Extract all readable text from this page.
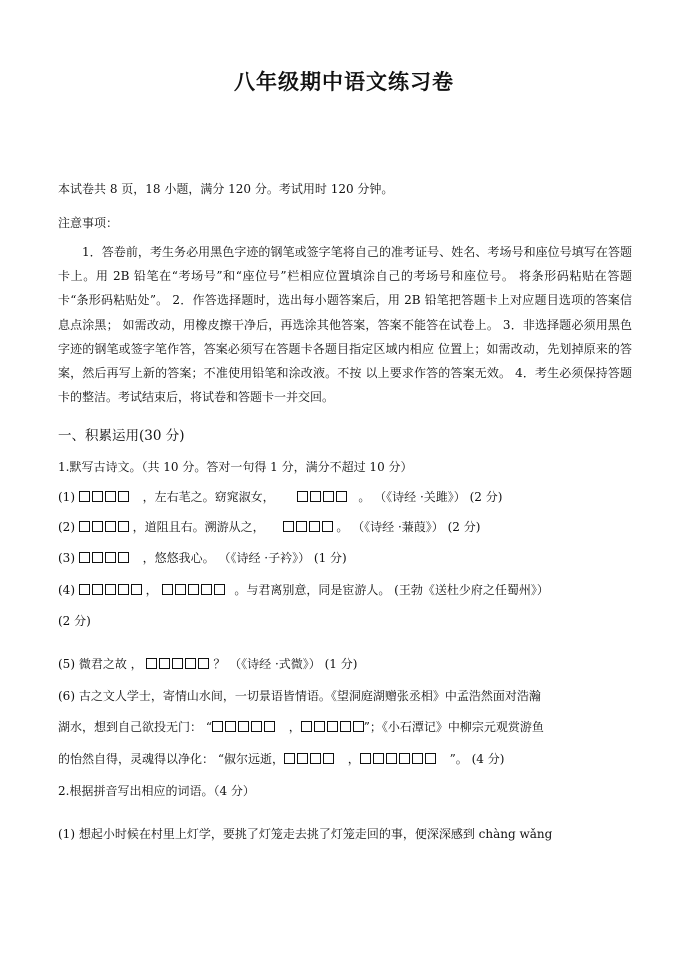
八年级期中语文练习卷
本试卷共 8 页，18 小题，满分 120 分。考试用时 120 分钟。
注意事项：
1．答卷前，考生务必用黑色字迹的钢笔或签字笔将自己的准考证号、姓名、考场号和座位号填写在答题卡上。用 2B 铅笔在“考场号”和“座位号”栏相应位置填涂自己的考场号和座位号。 将条形码粘贴在答题卡“条形码粘贴处”。 2．作答选择题时，选出每小题答案后，用 2B 铅笔把答题卡上对应题目选项的答案信息点涂黑； 如需改动，用橡皮擦干净后，再选涂其他答案，答案不能答在试卷上。 3．非选择题必须用黑色字迹的钢笔或签字笔作答，答案必须写在答题卡各题目指定区域内相应 位置上；如需改动，先划掉原来的答案，然后再写上新的答案；不准使用铅笔和涂改液。不按 以上要求作答的答案无效。 4．考生必须保持答题卡的整洁。考试结束后，将试卷和答题卡一并交回。
一、积累运用(30 分)
1.默写古诗文。（共 10 分。答对一句得 1 分，满分不超过 10 分）
(1)	，左右芼之。窈窕淑女，	。 （《诗经 ·关雎》） (2 分)
(2)	，道阻且右。溯游从之，	。 （《诗经 ·蒹葭》） (2 分)
(3)	，悠悠我心。 （《诗经 ·子衿》） (1 分)
(4)	，	。与君离别意，同是宦游人。 (王勃《送杜少府之任蜀州》）
(2 分)
(5) 微君之故 ，	？ （《诗经 ·式微》） (1 分)
(6) 古之文人学士，寄情山水间，一切景语皆情语。《望洞庭湖赠张丞相》中孟浩然面对浩瀚
湖水，想到自己欲投无门： “	，	”；《小石潭记》中柳宗元观赏游鱼
的怡然自得，灵魂得以净化： “俶尔远逝，	，	”。 (4 分)
2.根据拼音写出相应的词语。（4 分）
(1) 想起小时候在村里上灯学，要挑了灯笼走去挑了灯笼走回的事，便深深感到 chàng wǎng
